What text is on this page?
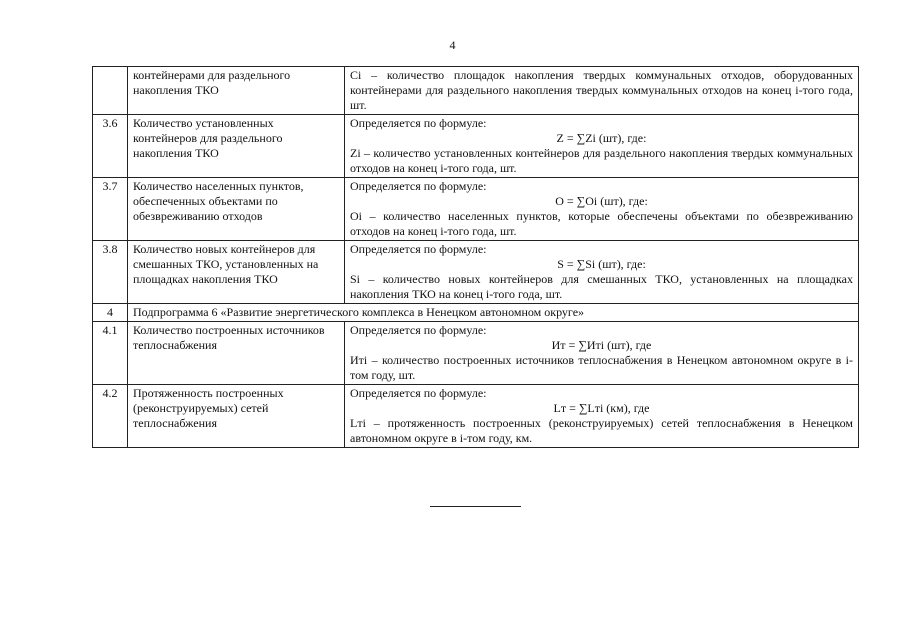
4
	контейнерами для раздельного накопления ТКО	Ci – количество площадок накопления твердых коммунальных отходов, оборудованных контейнерами для раздельного накопления твердых коммунальных отходов на конец i-того года, шт.

3.6	Количество установленных контейнеров для раздельного накопления ТКО	Определяется по формуле:
Z = ∑Zi (шт), где:
Zi – количество установленных контейнеров для раздельного накопления твердых коммунальных отходов на конец i-того года, шт.

3.7	Количество населенных пунктов, обеспеченных объектами по обезвреживанию отходов	Определяется по формуле:
O = ∑Oi (шт), где:
Oi – количество населенных пунктов, которые обеспечены объектами по обезвреживанию отходов на конец i-того года, шт.

3.8	Количество новых контейнеров для смешанных ТКО, установленных на площадках накопления ТКО	Определяется по формуле:
S = ∑Si (шт), где:
Si – количество новых контейнеров для смешанных ТКО, установленных на площадках накопления ТКО на конец i-того года, шт.

4	Подпрограмма 6 «Развитие энергетического комплекса в Ненецком автономном округе»	
4.1	Количество построенных источников теплоснабжения	Определяется по формуле:
Ит = ∑Итi (шт), где
Итi – количество построенных источников теплоснабжения в Ненецком автономном округе в i-том году, шт.

4.2	Протяженность построенных (реконструируемых) сетей теплоснабжения	Определяется по формуле:
Lт = ∑Lтi (км), где
Lтi – протяженность построенных (реконструируемых) сетей теплоснабжения в Ненецком автономном округе в i-том году, км.
